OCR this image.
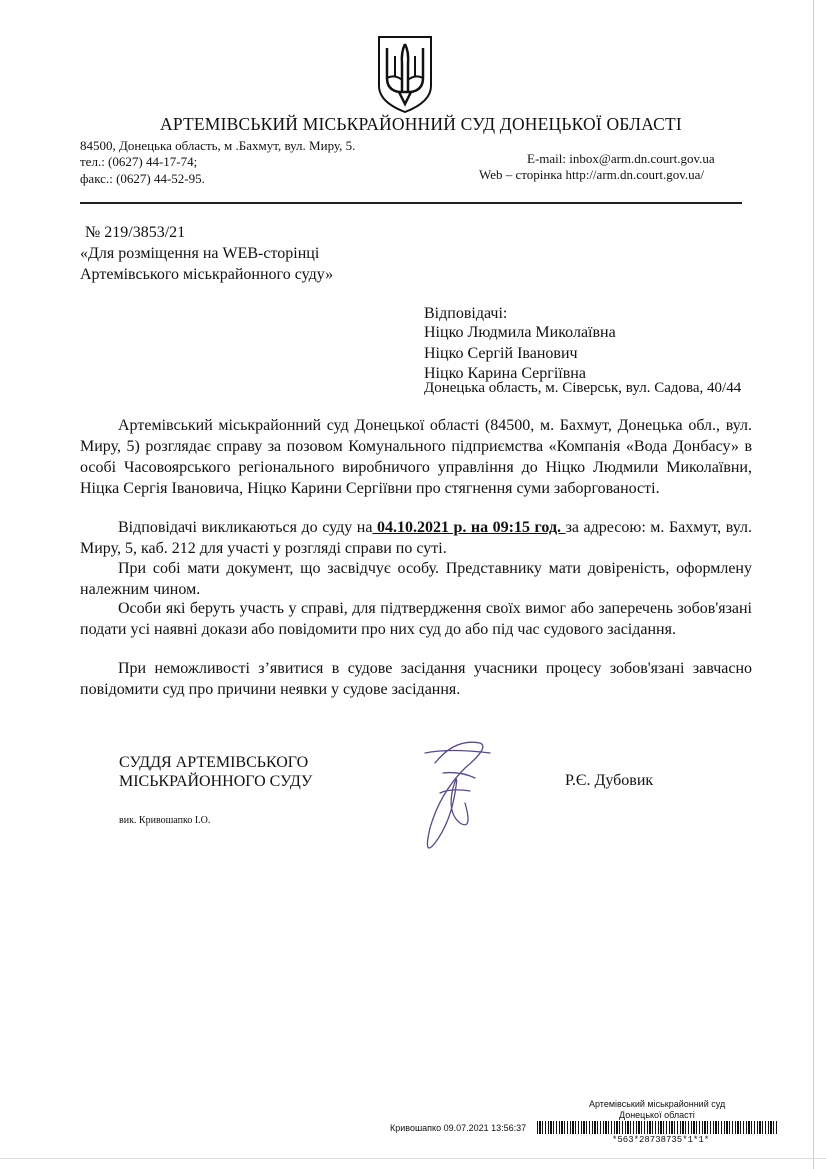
АРТЕМІВСЬКИЙ МІСЬКРАЙОННИЙ СУД ДОНЕЦЬКОЇ ОБЛАСТІ
84500, Донецька область, м .Бахмут, вул. Миру, 5.
тел.: (0627) 44-17-74;
факс.: (0627) 44-52-95.
E-mail: inbox@arm.dn.court.gov.ua
Web – сторінка http://arm.dn.court.gov.ua/
№ 219/3853/21
«Для розміщення на WEB-сторінці
Артемівського міськрайонного суду»
Відповідачі:
Ніцко Людмила Миколаївна
Ніцко Сергій Іванович
Ніцко Карина Сергіївна
Донецька область, м. Сіверськ, вул. Садова, 40/44
Артемівський міськрайонний суд Донецької області (84500, м. Бахмут, Донецька обл., вул. Миру, 5) розглядає справу за позовом Комунального підприємства «Компанія «Вода Донбасу» в особі Часовоярського регіонального виробничого управління до Ніцко Людмили Миколаївни, Ніцка Сергія Івановича, Ніцко Карини Сергіївни про стягнення суми заборгованості.
Відповідачі викликаються до суду на 04.10.2021 р. на 09:15 год. за адресою: м. Бахмут, вул. Миру, 5, каб. 212 для участі у розгляді справи по суті.
При собі мати документ, що засвідчує особу. Представнику мати довіреність, оформлену належним чином.
Особи які беруть участь у справі, для підтвердження своїх вимог або заперечень зобов'язані подати усі наявні докази або повідомити про них суд до або під час судового засідання.
При неможливості з’явитися в судове засідання учасники процесу зобов'язані завчасно повідомити суд про причини неявки у судове засідання.
СУДДЯ АРТЕМІВСЬКОГО
МІСЬКРАЙОННОГО СУДУ	Р.Є. Дубовик
вик. Кривошапко І.О.
Артемівський міськрайонний суд
Донецької області
Кривошапко 09.07.2021 13:56:37
*563*28738735*1*1*
